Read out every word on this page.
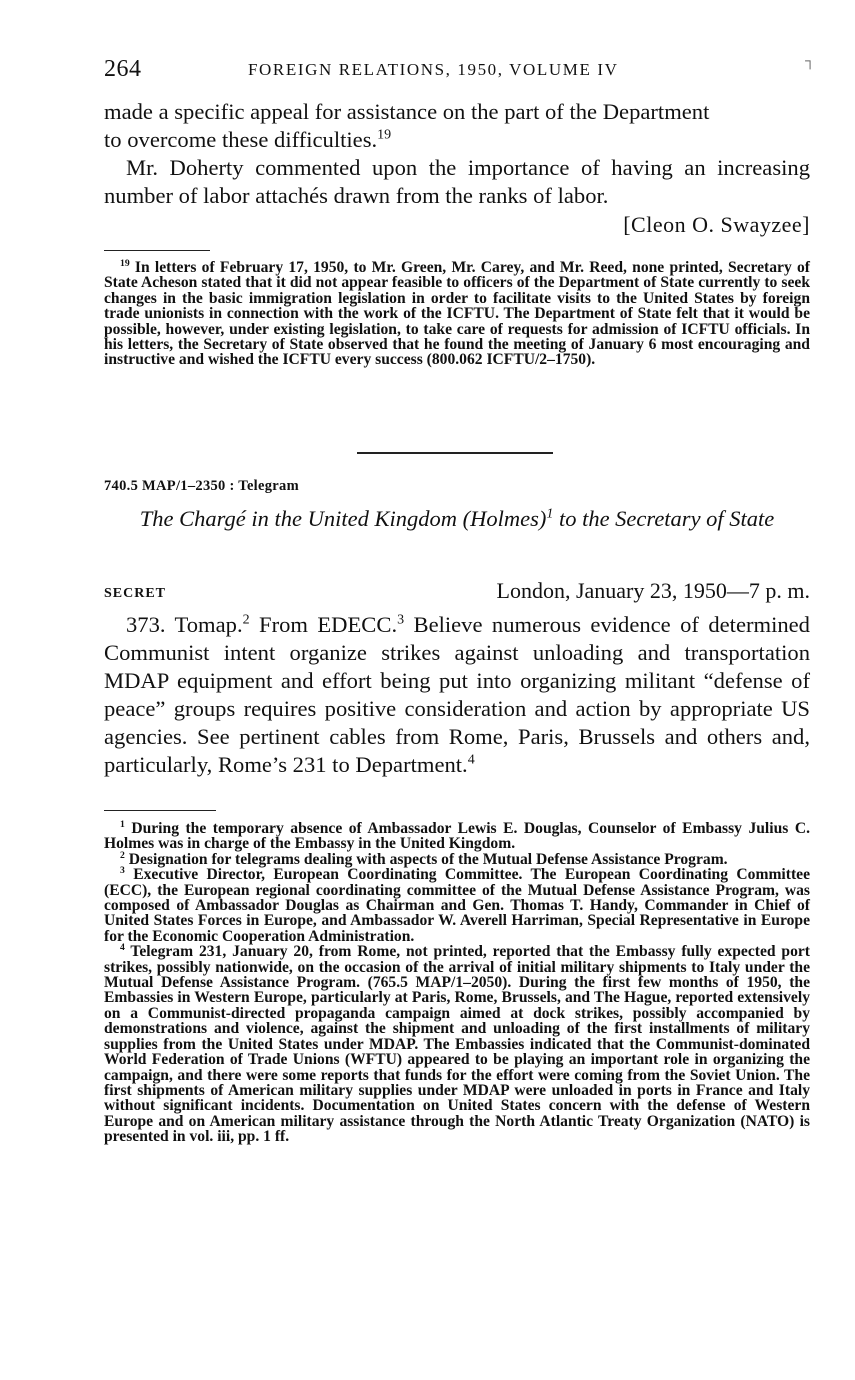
264	FOREIGN RELATIONS, 1950, VOLUME IV	┐

made a specific appeal for assistance on the part of the Department

to overcome these difficulties.$^{19}$

Mr. Doherty commented upon the importance of having an increasing number of labor attachés drawn from the ranks of labor.

[Cleon O. Swayzee]

$^{19}$ In letters of February 17, 1950, to Mr. Green, Mr. Carey, and Mr. Reed, none printed, Secretary of State Acheson stated that it did not appear feasible to officers of the Department of State currently to seek changes in the basic immigration legislation in order to facilitate visits to the United States by foreign trade unionists in connection with the work of the ICFTU. The Department of State felt that it would be possible, however, under existing legislation, to take care of requests for admission of ICFTU officials. In his letters, the Secretary of State observed that he found the meeting of January 6 most encouraging and instructive and wished the ICFTU every success (800.062 ICFTU/2–1750).

740.5 MAP/1–2350 : Telegram
The Chargé in the United Kingdom (Holmes)$^1$ to the Secretary of State
SECRET	London, January 23, 1950—7 p. m.

373. Tomap.$^2$ From EDECC.$^3$ Believe numerous evidence of determined Communist intent organize strikes against unloading and transportation MDAP equipment and effort being put into organizing militant “defense of peace” groups requires positive consideration and action by appropriate US agencies. See pertinent cables from Rome, Paris, Brussels and others and, particularly, Rome’s 231 to Department.$^4$

$^1$ During the temporary absence of Ambassador Lewis E. Douglas, Counselor of Embassy Julius C. Holmes was in charge of the Embassy in the United Kingdom.

$^2$ Designation for telegrams dealing with aspects of the Mutual Defense Assistance Program.

$^3$ Executive Director, European Coordinating Committee. The European Coordinating Committee (ECC), the European regional coordinating committee of the Mutual Defense Assistance Program, was composed of Ambassador Douglas as Chairman and Gen. Thomas T. Handy, Commander in Chief of United States Forces in Europe, and Ambassador W. Averell Harriman, Special Representative in Europe for the Economic Cooperation Administration.

$^4$ Telegram 231, January 20, from Rome, not printed, reported that the Embassy fully expected port strikes, possibly nationwide, on the occasion of the arrival of initial military shipments to Italy under the Mutual Defense Assistance Program. (765.5 MAP/1–2050). During the first few months of 1950, the Embassies in Western Europe, particularly at Paris, Rome, Brussels, and The Hague, reported extensively on a Communist-directed propaganda campaign aimed at dock strikes, possibly accompanied by demonstrations and violence, against the shipment and unloading of the first installments of military supplies from the United States under MDAP. The Embassies indicated that the Communist-dominated World Federation of Trade Unions (WFTU) appeared to be playing an important role in organizing the campaign, and there were some reports that funds for the effort were coming from the Soviet Union. The first shipments of American military supplies under MDAP were unloaded in ports in France and Italy without significant incidents. Documentation on United States concern with the defense of Western Europe and on American military assistance through the North Atlantic Treaty Organization (NATO) is presented in vol. iii, pp. 1 ff.
